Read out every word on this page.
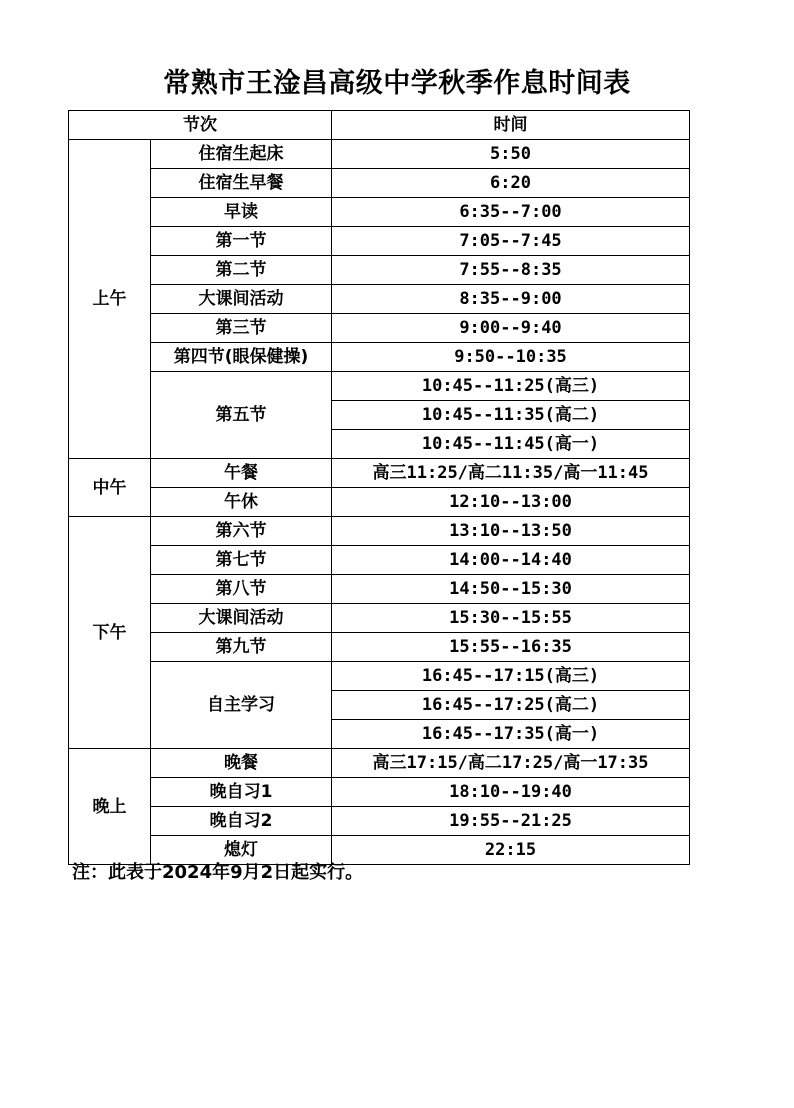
常熟市王淦昌高级中学秋季作息时间表
节次		时间
上午	住宿生起床	5:50
	住宿生早餐	6:20
	早读	6:35--7:00
	第一节	7:05--7:45
	第二节	7:55--8:35
	大课间活动	8:35--9:00
	第三节	9:00--9:40
	第四节(眼保健操)	9:50--10:35
	第五节	10:45--11:25(高三)
		10:45--11:35(高二)
		10:45--11:45(高一)
中午	午餐	高三11:25/高二11:35/高一11:45
	午休	12:10--13:00
下午	第六节	13:10--13:50
	第七节	14:00--14:40
	第八节	14:50--15:30
	大课间活动	15:30--15:55
	第九节	15:55--16:35
	自主学习	16:45--17:15(高三)
		16:45--17:25(高二)
		16:45--17:35(高一)
晚上	晚餐	高三17:15/高二17:25/高一17:35
	晚自习1	18:10--19:40
	晚自习2	19:55--21:25
	熄灯	22:15
注：此表于2024年9月2日起实行。
